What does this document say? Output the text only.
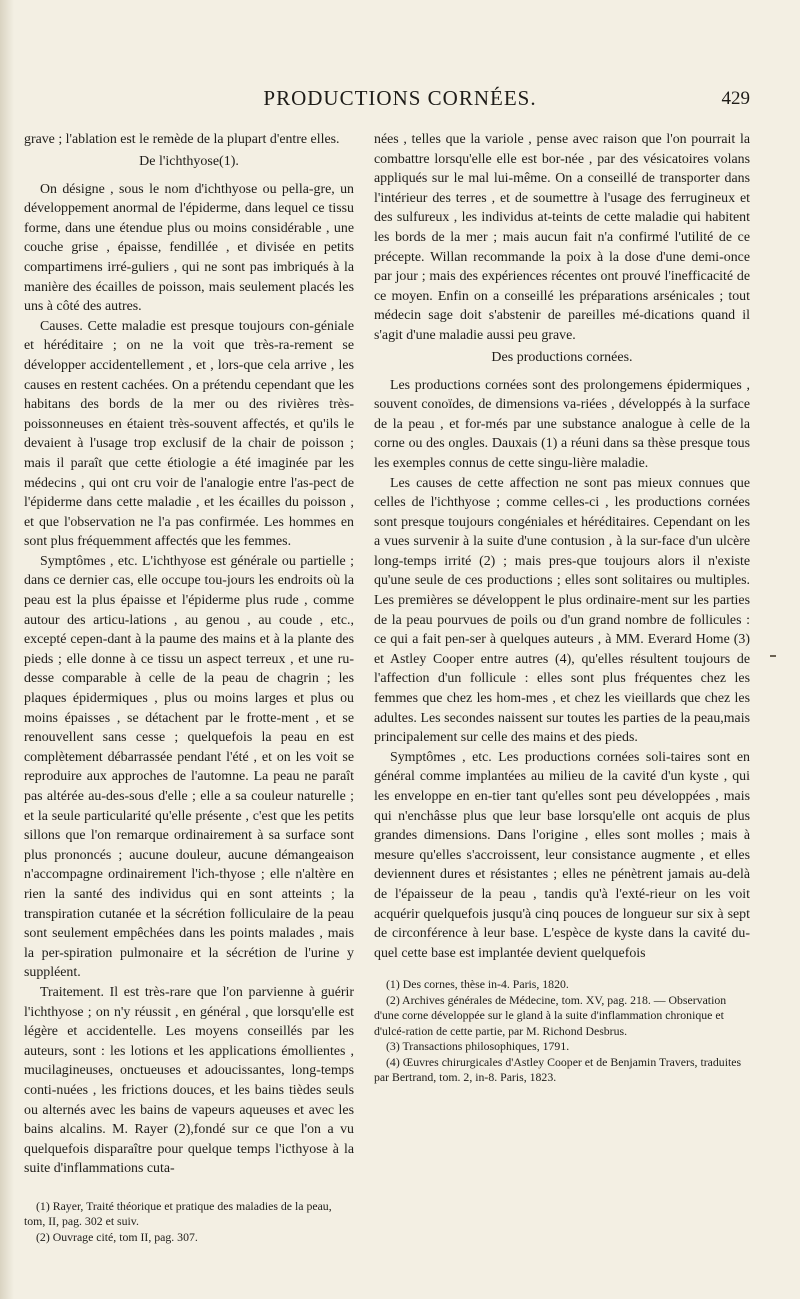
PRODUCTIONS CORNÉES.	429

grave ; l'ablation est le remède de la plupart d'entre elles.

De l'ichthyose(1).

On désigne , sous le nom d'ichthyose ou pella-gre, un développement anormal de l'épiderme, dans lequel ce tissu forme, dans une étendue plus ou moins considérable , une couche grise , épaisse, fendillée , et divisée en petits compartimens irré-guliers , qui ne sont pas imbriqués à la manière des écailles de poisson, mais seulement placés les uns à côté des autres.

Causes. Cette maladie est presque toujours con-géniale et héréditaire ; on ne la voit que très-ra-rement se développer accidentellement , et , lors-que cela arrive , les causes en restent cachées. On a prétendu cependant que les habitans des bords de la mer ou des rivières très-poissonneuses en étaient très-souvent affectés, et qu'ils le devaient à l'usage trop exclusif de la chair de poisson ; mais il paraît que cette étiologie a été imaginée par les médecins , qui ont cru voir de l'analogie entre l'as-pect de l'épiderme dans cette maladie , et les écailles du poisson , et que l'observation ne l'a pas confirmée. Les hommes en sont plus fréquemment affectés que les femmes.

Symptômes , etc. L'ichthyose est générale ou partielle ; dans ce dernier cas, elle occupe tou-jours les endroits où la peau est la plus épaisse et l'épiderme plus rude , comme autour des articu-lations , au genou , au coude , etc., excepté cepen-dant à la paume des mains et à la plante des pieds ; elle donne à ce tissu un aspect terreux , et une ru-desse comparable à celle de la peau de chagrin ; les plaques épidermiques , plus ou moins larges et plus ou moins épaisses , se détachent par le frotte-ment , et se renouvellent sans cesse ; quelquefois la peau en est complètement débarrassée pendant l'été , et on les voit se reproduire aux approches de l'automne. La peau ne paraît pas altérée au-des-sous d'elle ; elle a sa couleur naturelle ; et la seule particularité qu'elle présente , c'est que les petits sillons que l'on remarque ordinairement à sa surface sont plus prononcés ; aucune douleur, aucune démangeaison n'accompagne ordinairement l'ich-thyose ; elle n'altère en rien la santé des individus qui en sont atteints ; la transpiration cutanée et la sécrétion folliculaire de la peau sont seulement empêchées dans les points malades , mais la per-spiration pulmonaire et la sécrétion de l'urine y suppléent.

Traitement. Il est très-rare que l'on parvienne à guérir l'ichthyose ; on n'y réussit , en général , que lorsqu'elle est légère et accidentelle. Les moyens conseillés par les auteurs, sont : les lotions et les applications émollientes , mucilagineuses, onctueuses et adoucissantes, long-temps conti-nuées , les frictions douces, et les bains tièdes seuls ou alternés avec les bains de vapeurs aqueuses et avec les bains alcalins. M. Rayer (2),fondé sur ce que l'on a vu quelquefois disparaître pour quelque temps l'icthyose à la suite d'inflammations cuta-

(1) Rayer, Traité théorique et pratique des maladies de la peau, tom, II, pag. 302 et suiv.

(2) Ouvrage cité, tom II, pag. 307.

nées , telles que la variole , pense avec raison que l'on pourrait la combattre lorsqu'elle elle est bor-née , par des vésicatoires volans appliqués sur le mal lui-même. On a conseillé de transporter dans l'intérieur des terres , et de soumettre à l'usage des ferrugineux et des sulfureux , les individus at-teints de cette maladie qui habitent les bords de la mer ; mais aucun fait n'a confirmé l'utilité de ce précepte. Willan recommande la poix à la dose d'une demi-once par jour ; mais des expériences récentes ont prouvé l'inefficacité de ce moyen. Enfin on a conseillé les préparations arsénicales ; tout médecin sage doit s'abstenir de pareilles mé-dications quand il s'agit d'une maladie aussi peu grave.

Des productions cornées.

Les productions cornées sont des prolongemens épidermiques , souvent conoïdes, de dimensions va-riées , développés à la surface de la peau , et for-més par une substance analogue à celle de la corne ou des ongles. Dauxais (1) a réuni dans sa thèse presque tous les exemples connus de cette singu-lière maladie.

Les causes de cette affection ne sont pas mieux connues que celles de l'ichthyose ; comme celles-ci , les productions cornées sont presque toujours congéniales et héréditaires. Cependant on les a vues survenir à la suite d'une contusion , à la sur-face d'un ulcère long-temps irrité (2) ; mais pres-que toujours alors il n'existe qu'une seule de ces productions ; elles sont solitaires ou multiples. Les premières se développent le plus ordinaire-ment sur les parties de la peau pourvues de poils ou d'un grand nombre de follicules : ce qui a fait pen-ser à quelques auteurs , à MM. Everard Home (3) et Astley Cooper entre autres (4), qu'elles résultent toujours de l'affection d'un follicule : elles sont plus fréquentes chez les femmes que chez les hom-mes , et chez les vieillards que chez les adultes. Les secondes naissent sur toutes les parties de la peau,mais principalement sur celle des mains et des pieds.

Symptômes , etc. Les productions cornées soli-taires sont en général comme implantées au milieu de la cavité d'un kyste , qui les enveloppe en en-tier tant qu'elles sont peu développées , mais qui n'enchâsse plus que leur base lorsqu'elle ont acquis de plus grandes dimensions. Dans l'origine , elles sont molles ; mais à mesure qu'elles s'accroissent, leur consistance augmente , et elles deviennent dures et résistantes ; elles ne pénètrent jamais au-delà de l'épaisseur de la peau , tandis qu'à l'exté-rieur on les voit acquérir quelquefois jusqu'à cinq pouces de longueur sur six à sept de circonférence à leur base. L'espèce de kyste dans la cavité du-quel cette base est implantée devient quelquefois

(1) Des cornes, thèse in-4. Paris, 1820.

(2) Archives générales de Médecine, tom. XV, pag. 218. — Observation d'une corne développée sur le gland à la suite d'inflammation chronique et d'ulcé-ration de cette partie, par M. Richond Desbrus.

(3) Transactions philosophiques, 1791.

(4) Œuvres chirurgicales d'Astley Cooper et de Benjamin Travers, traduites par Bertrand, tom. 2, in-8. Paris, 1823.
